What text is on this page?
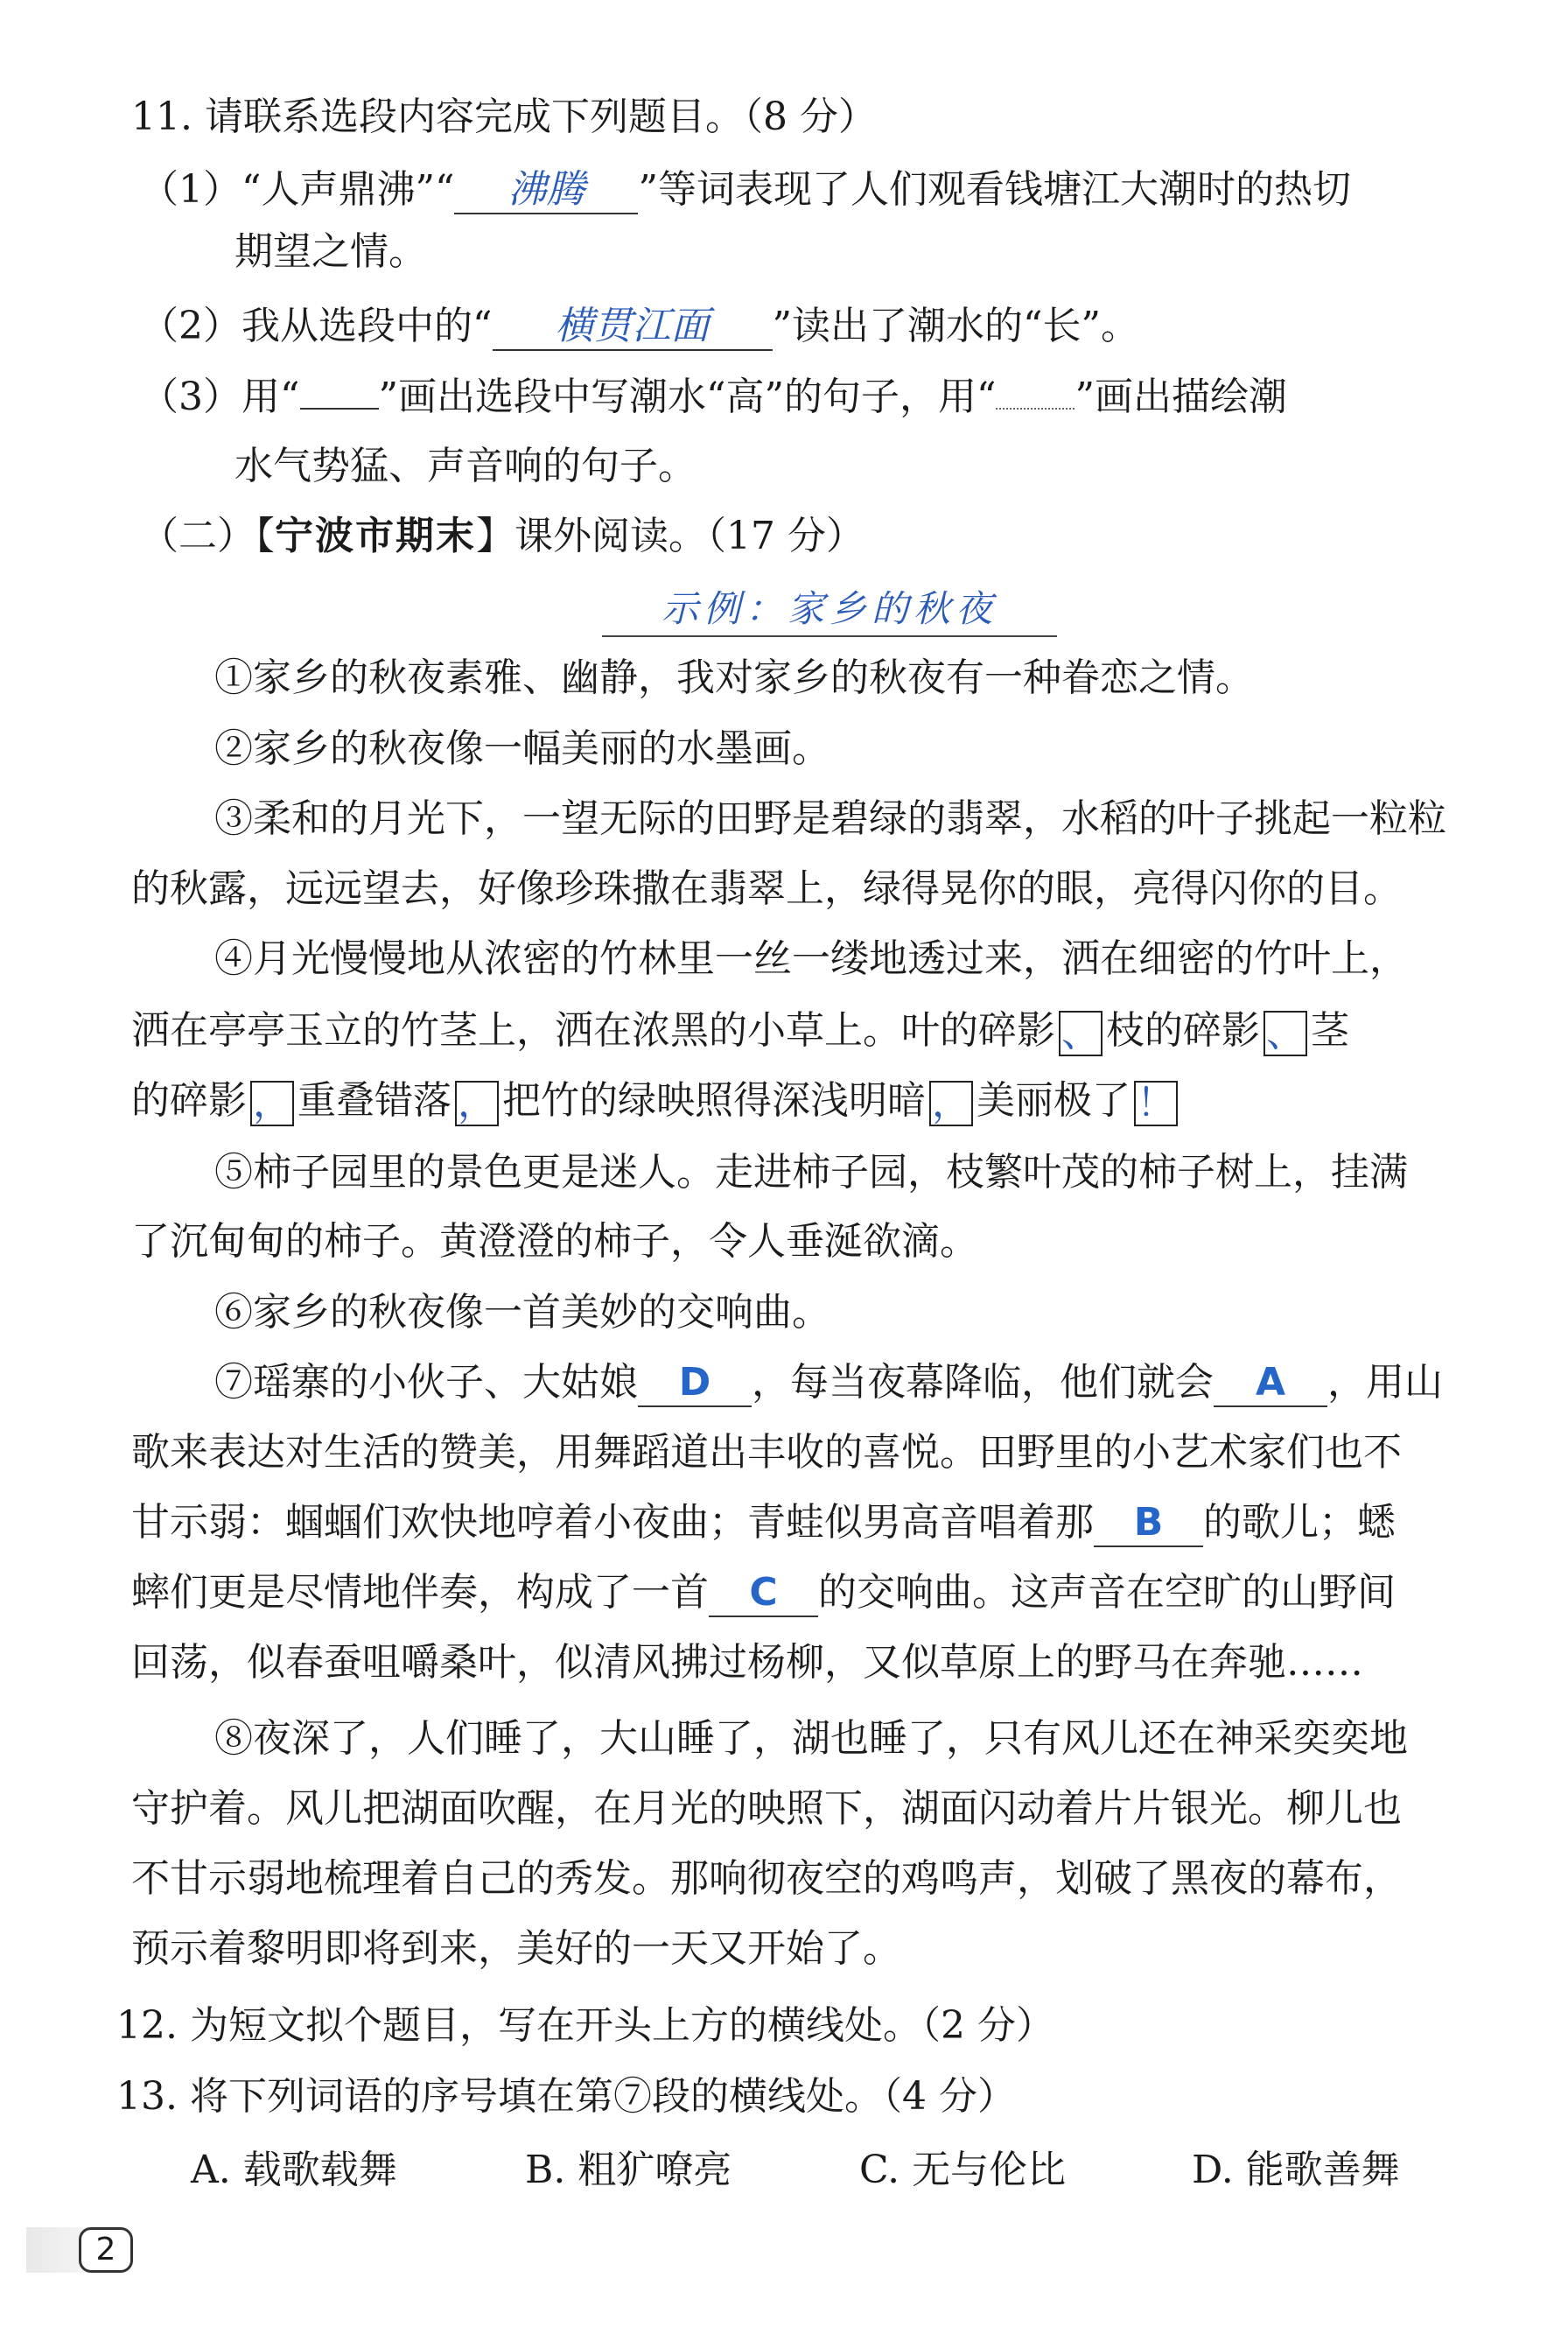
11. 请联系选段内容完成下列题目。（8 分）
（1）“人声鼎沸”“ 沸腾 ”等词表现了人们观看钱塘江大潮时的热切
期望之情。
（2）我从选段中的“ 横贯江面 ”读出了潮水的“长”。
（3）用“ ”画出选段中写潮水“高”的句子，用“ ”画出描绘潮
水气势猛、声音响的句子。
（二）【宁波市期末】课外阅读。（17 分）
示例：家乡的秋夜
①家乡的秋夜素雅、幽静，我对家乡的秋夜有一种眷恋之情。
②家乡的秋夜像一幅美丽的水墨画。
③柔和的月光下，一望无际的田野是碧绿的翡翠，水稻的叶子挑起一粒粒
的秋露，远远望去，好像珍珠撒在翡翠上，绿得晃你的眼，亮得闪你的目。
④月光慢慢地从浓密的竹林里一丝一缕地透过来，洒在细密的竹叶上，
洒在亭亭玉立的竹茎上，洒在浓黑的小草上。叶的碎影 、 枝的碎影 、 茎
的碎影 ， 重叠错落 ， 把竹的绿映照得深浅明暗 ， 美丽极了 ！
⑤柿子园里的景色更是迷人。走进柿子园，枝繁叶茂的柿子树上，挂满
了沉甸甸的柿子。黄澄澄的柿子，令人垂涎欲滴。
⑥家乡的秋夜像一首美妙的交响曲。
⑦瑶寨的小伙子、大姑娘 D ，每当夜幕降临，他们就会 A ，用山
歌来表达对生活的赞美，用舞蹈道出丰收的喜悦。田野里的小艺术家们也不
甘示弱：蝈蝈们欢快地哼着小夜曲；青蛙似男高音唱着那 B 的歌儿；蟋
蟀们更是尽情地伴奏，构成了一首 C 的交响曲。这声音在空旷的山野间
回荡，似春蚕咀嚼桑叶，似清风拂过杨柳，又似草原上的野马在奔驰……
⑧夜深了，人们睡了，大山睡了，湖也睡了，只有风儿还在神采奕奕地
守护着。风儿把湖面吹醒，在月光的映照下，湖面闪动着片片银光。柳儿也
不甘示弱地梳理着自己的秀发。那响彻夜空的鸡鸣声，划破了黑夜的幕布，
预示着黎明即将到来，美好的一天又开始了。
12. 为短文拟个题目，写在开头上方的横线处。（2 分）
13. 将下列词语的序号填在第⑦段的横线处。（4 分）
A. 载歌载舞	B. 粗犷嘹亮	C. 无与伦比	D. 能歌善舞
2
